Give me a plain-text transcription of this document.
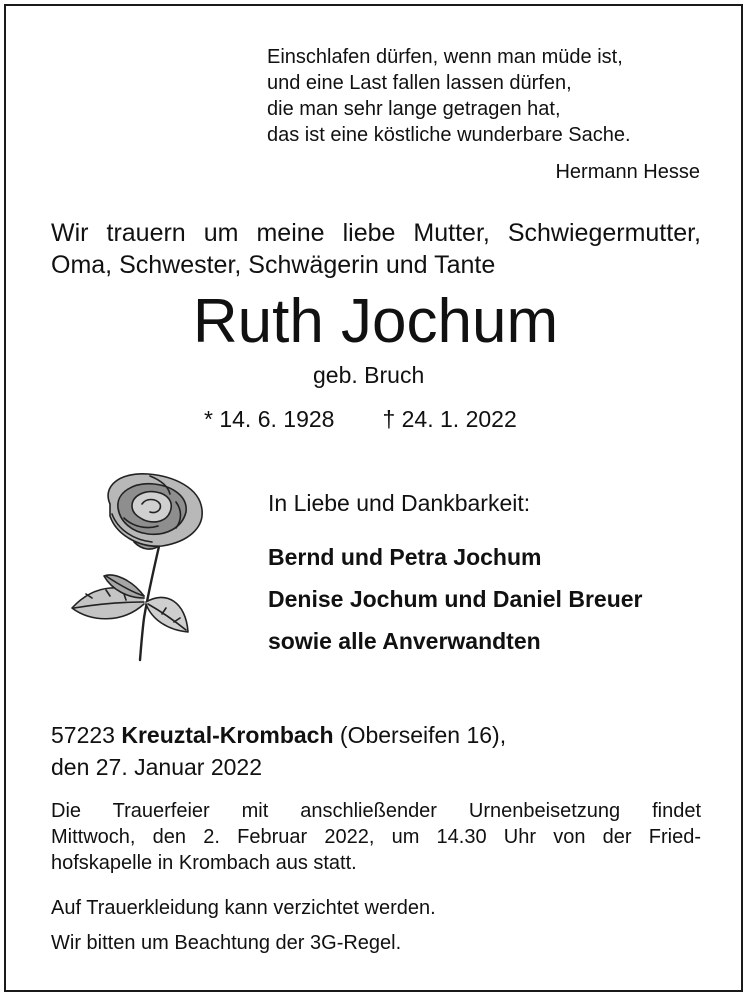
Einschlafen dürfen, wenn man müde ist,
und eine Last fallen lassen dürfen,
die man sehr lange getragen hat,
das ist eine köstliche wunderbare Sache.
Hermann Hesse
Wir trauern um meine liebe Mutter, Schwiegermutter,
Oma, Schwester, Schwägerin und Tante
Ruth Jochum
geb. Bruch
* 14. 6. 1928 † 24. 1. 2022
In Liebe und Dankbarkeit:
Bernd und Petra Jochum
Denise Jochum und Daniel Breuer
sowie alle Anverwandten
57223 Kreuztal-Krombach (Oberseifen 16),
den 27. Januar 2022
Die Trauerfeier mit anschließender Urnenbeisetzung findet
Mittwoch, den 2. Februar 2022, um 14.30 Uhr von der Fried-
hofskapelle in Krombach aus statt.
Auf Trauerkleidung kann verzichtet werden.
Wir bitten um Beachtung der 3G-Regel.
